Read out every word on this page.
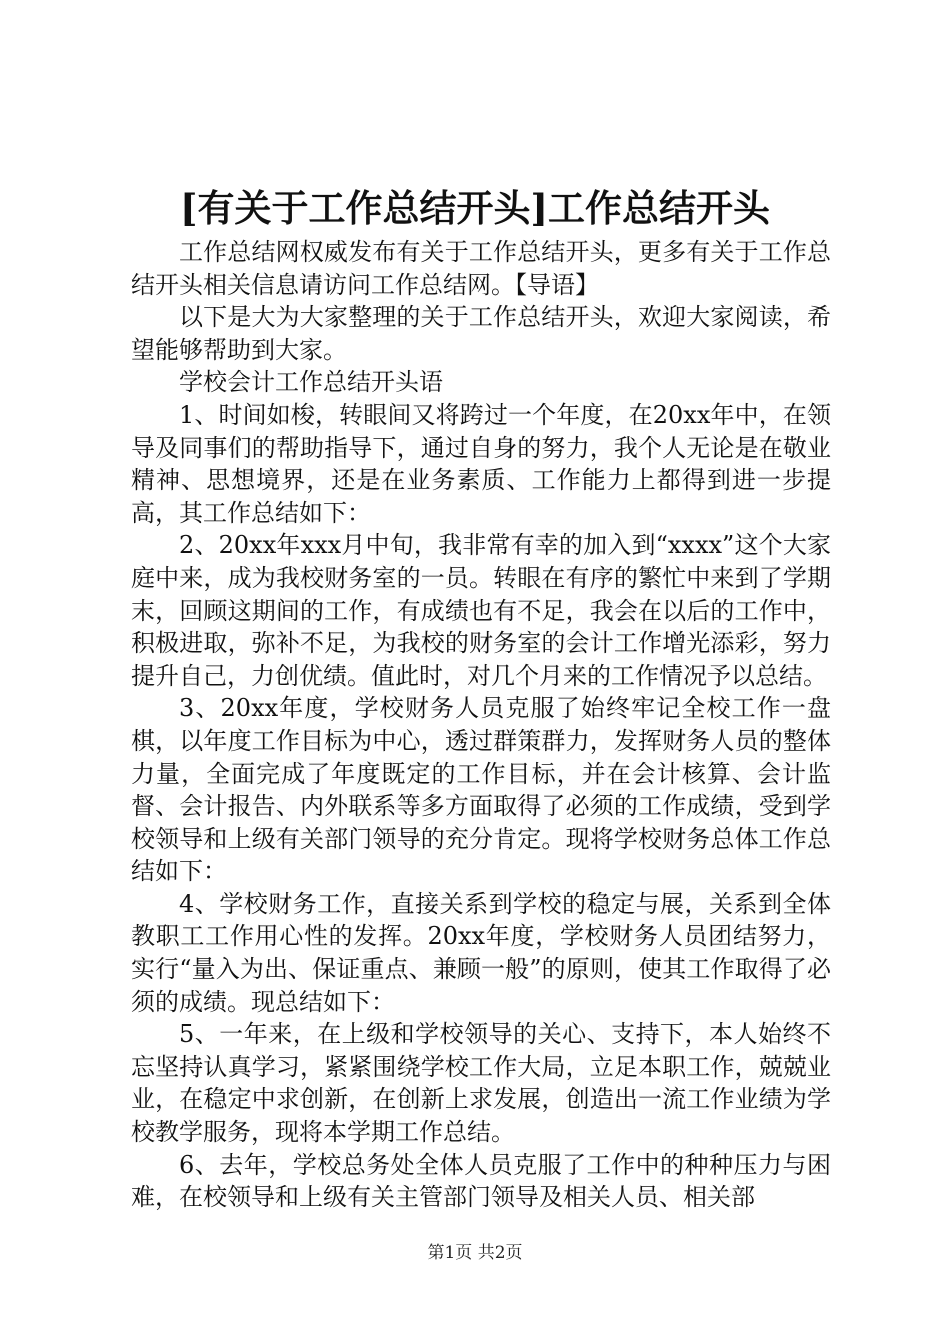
[有关于工作总结开头]工作总结开头

工作总结网权威发布有关于工作总结开头，更多有关于工作总结开头相关信息请访问工作总结网。【导语】

以下是大为大家整理的关于工作总结开头，欢迎大家阅读，希望能够帮助到大家。

学校会计工作总结开头语

1、时间如梭，转眼间又将跨过一个年度，在20xx年中，在领导及同事们的帮助指导下，通过自身的努力，我个人无论是在敬业精神、思想境界，还是在业务素质、工作能力上都得到进一步提高，其工作总结如下：

2、20xx年xxx月中旬，我非常有幸的加入到“xxxx”这个大家庭中来，成为我校财务室的一员。转眼在有序的繁忙中来到了学期末，回顾这期间的工作，有成绩也有不足，我会在以后的工作中，积极进取，弥补不足，为我校的财务室的会计工作增光添彩，努力提升自己，力创优绩。值此时，对几个月来的工作情况予以总结。

3、20xx年度，学校财务人员克服了始终牢记全校工作一盘棋，以年度工作目标为中心，透过群策群力，发挥财务人员的整体力量，全面完成了年度既定的工作目标，并在会计核算、会计监督、会计报告、内外联系等多方面取得了必须的工作成绩，受到学校领导和上级有关部门领导的充分肯定。现将学校财务总体工作总结如下：

4、学校财务工作，直接关系到学校的稳定与展，关系到全体教职工工作用心性的发挥。20xx年度，学校财务人员团结努力，实行“量入为出、保证重点、兼顾一般”的原则，使其工作取得了必须的成绩。现总结如下：

5、一年来，在上级和学校领导的关心、支持下，本人始终不忘坚持认真学习，紧紧围绕学校工作大局，立足本职工作，兢兢业业，在稳定中求创新，在创新上求发展，创造出一流工作业绩为学校教学服务，现将本学期工作总结。

6、去年，学校总务处全体人员克服了工作中的种种压力与困难，在校领导和上级有关主管部门领导及相关人员、相关部

第1页 共2页
